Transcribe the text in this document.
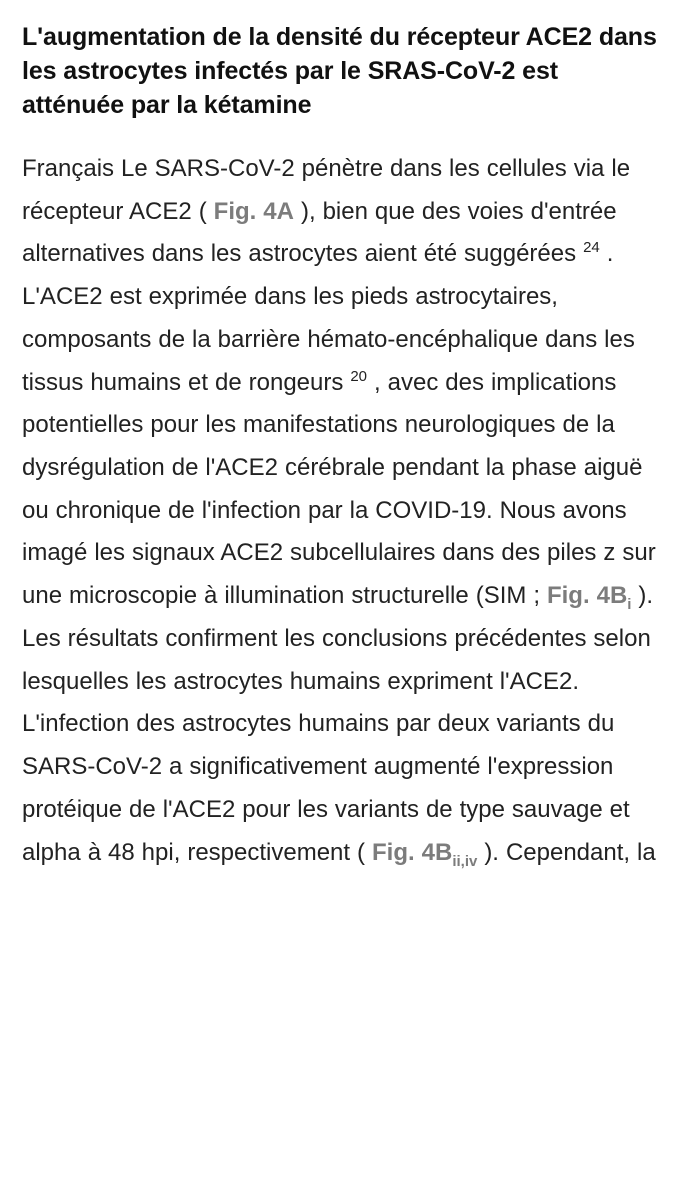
L'augmentation de la densité du récepteur ACE2 dans les astrocytes infectés par le SRAS-CoV-2 est atténuée par la kétamine
Français Le SARS-CoV-2 pénètre dans les cellules via le récepteur ACE2 ( Fig. 4A ), bien que des voies d'entrée alternatives dans les astrocytes aient été suggérées $^{24}$ . L'ACE2 est exprimée dans les pieds astrocytaires, composants de la barrière hémato-encéphalique dans les tissus humains et de rongeurs $^{20}$ , avec des implications potentielles pour les manifestations neurologiques de la dysrégulation de l'ACE2 cérébrale pendant la phase aiguë ou chronique de l'infection par la COVID-19. Nous avons imagé les signaux ACE2 subcellulaires dans des piles z sur une microscopie à illumination structurelle (SIM ; Fig. $4B_i$ ). Les résultats confirment les conclusions précédentes selon lesquelles les astrocytes humains expriment l'ACE2. L'infection des astrocytes humains par deux variants du SARS-CoV-2 a significativement augmenté l'expression protéique de l'ACE2 pour les variants de type sauvage et alpha à 48 hpi, respectivement ( Fig. $4B_{ii,iv}$ ). Cependant, la
